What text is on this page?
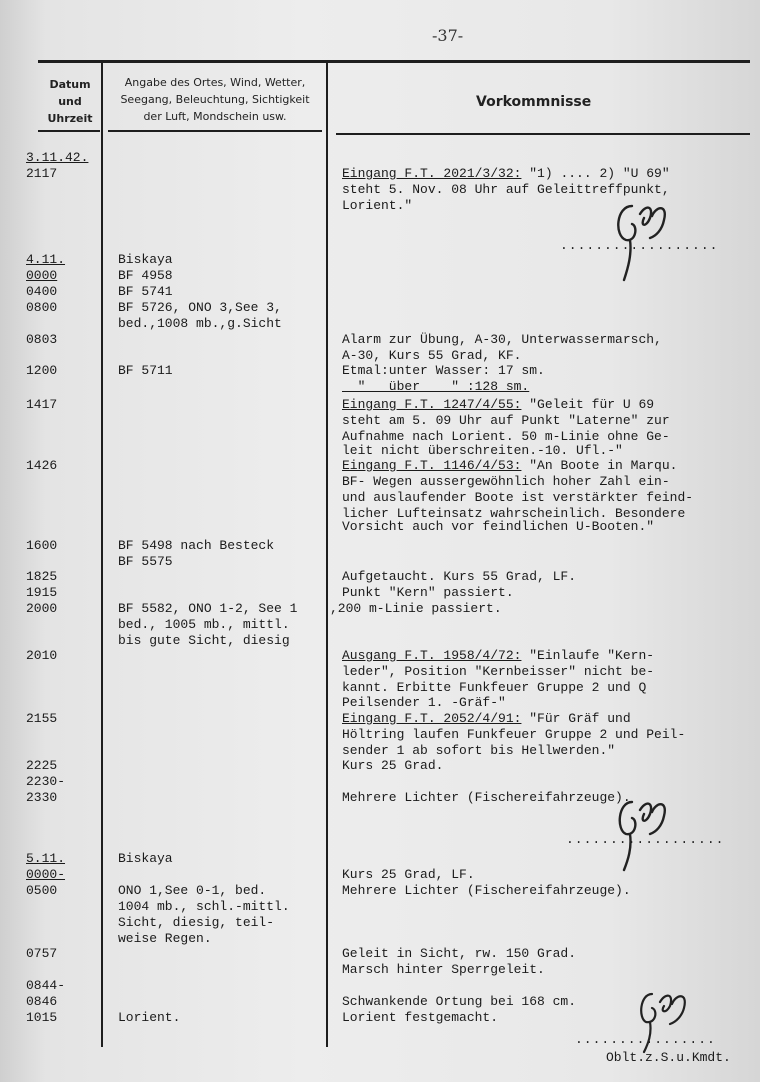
-37-
Datum
und
Uhrzeit
Angabe des Ortes, Wind, Wetter,
Seegang, Beleuchtung, Sichtigkeit
der Luft, Mondschein usw.
Vorkommnisse
3.11.42.
2117
4.11.
0000
0400
0800
0803
1200
1417
1426
1600
1825
1915
2000
2010
2155
2225
2230-
2330
5.11.
0000-
0500
0757
0844-
0846
1015
Biskaya
BF 4958
BF 5741
BF 5726, ONO 3,See 3,
bed.,1008 mb.,g.Sicht
BF 5711
BF 5498 nach Besteck
BF 5575
BF 5582, ONO 1-2, See 1
bed., 1005 mb., mittl.
bis gute Sicht, diesig
Biskaya
ONO 1,See 0-1, bed.
1004 mb., schl.-mittl.
Sicht, diesig, teil-
weise Regen.
Lorient.
Eingang F.T. 2021/3/32: "1) .... 2) "U 69"
steht 5. Nov. 08 Uhr auf Geleittreffpunkt,
Lorient."
Alarm zur Übung, A-30, Unterwassermarsch,
A-30, Kurs 55 Grad, KF.
Etmal:unter Wasser: 17 sm.
"   über    " :128 sm.
Eingang F.T. 1247/4/55: "Geleit für U 69
steht am 5. 09 Uhr auf Punkt "Laterne" zur
Aufnahme nach Lorient. 50 m-Linie ohne Ge-
leit nicht überschreiten.-10. Ufl.-"
Eingang F.T. 1146/4/53: "An Boote in Marqu.
BF- Wegen aussergewöhnlich hoher Zahl ein-
und auslaufender Boote ist verstärkter feind-
licher Lufteinsatz wahrscheinlich. Besondere
Vorsicht auch vor feindlichen U-Booten."
Aufgetaucht. Kurs 55 Grad, LF.
Punkt "Kern" passiert.
,200 m-Linie passiert.
Ausgang F.T. 1958/4/72: "Einlaufe "Kern-
leder", Position "Kernbeisser" nicht be-
kannt. Erbitte Funkfeuer Gruppe 2 und Q
Peilsender 1. -Gräf-"
Eingang F.T. 2052/4/91: "Für Gräf und
Höltring laufen Funkfeuer Gruppe 2 und Peil-
sender 1 ab sofort bis Hellwerden."
Kurs 25 Grad.
Mehrere Lichter (Fischereifahrzeuge).
Kurs 25 Grad, LF.
Mehrere Lichter (Fischereifahrzeuge).
Geleit in Sicht, rw. 150 Grad.
Marsch hinter Sperrgeleit.
Schwankende Ortung bei 168 cm.
Lorient festgemacht.
Oblt.z.S.u.Kmdt.
..................
..................
................
